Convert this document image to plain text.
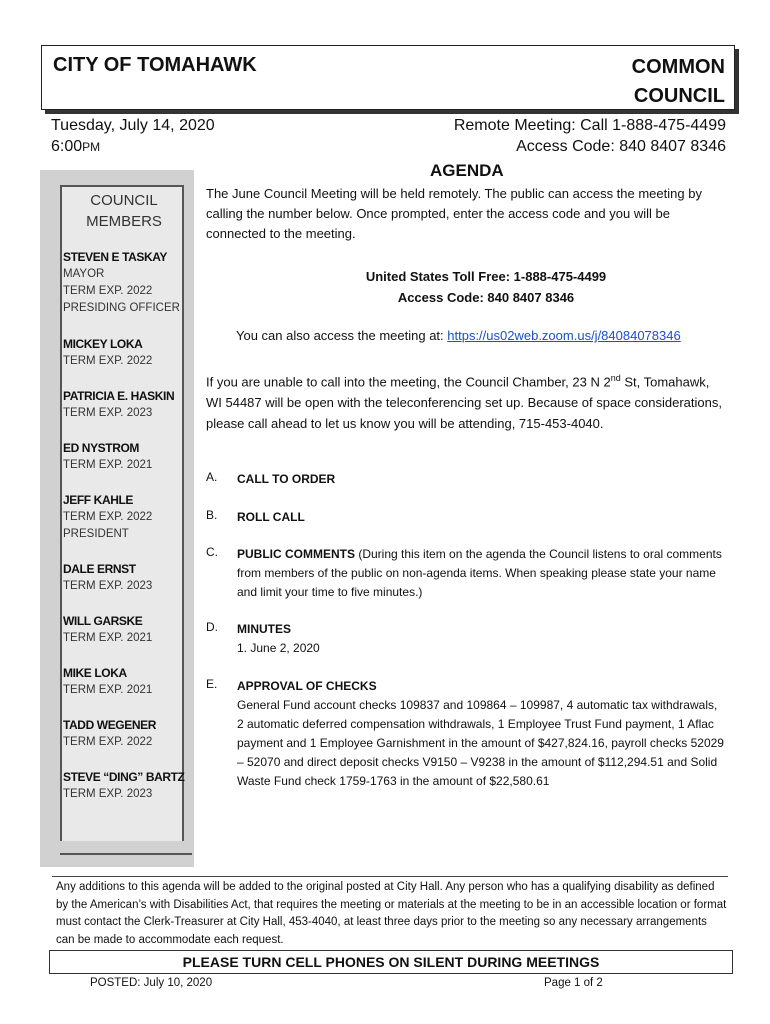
CITY OF TOMAHAWK	COMMON
COUNCIL
Tuesday, July 14, 2020
6:00PM
Remote Meeting: Call 1-888-475-4499
Access Code: 840 8407 8346
AGENDA
COUNCIL
MEMBERS
STEVEN E TASKAY
MAYOR
TERM EXP. 2022
PRESIDING OFFICER
MICKEY LOKA
TERM EXP. 2022
PATRICIA E. HASKIN
TERM EXP. 2023
ED NYSTROM
TERM EXP. 2021
JEFF KAHLE
TERM EXP. 2022
PRESIDENT
DALE ERNST
TERM EXP. 2023
WILL GARSKE
TERM EXP. 2021
MIKE LOKA
TERM EXP. 2021
TADD WEGENER
TERM EXP. 2022
STEVE “DING” BARTZ
TERM EXP. 2023
The June Council Meeting will be held remotely. The public can access the meeting by calling the number below. Once prompted, enter the access code and you will be connected to the meeting.
United States Toll Free: 1-888-475-4499
Access Code: 840 8407 8346
You can also access the meeting at: https://us02web.zoom.us/j/84084078346
If you are unable to call into the meeting, the Council Chamber, 23 N 2nd St, Tomahawk, WI 54487 will be open with the teleconferencing set up. Because of space considerations, please call ahead to let us know you will be attending, 715-453-4040.
A. CALL TO ORDER
B. ROLL CALL
C. PUBLIC COMMENTS (During this item on the agenda the Council listens to oral comments from members of the public on non-agenda items. When speaking please state your name and limit your time to five minutes.)
D. MINUTES
1. June 2, 2020
E. APPROVAL OF CHECKS
General Fund account checks 109837 and 109864 – 109987, 4 automatic tax withdrawals, 2 automatic deferred compensation withdrawals, 1 Employee Trust Fund payment, 1 Aflac payment and 1 Employee Garnishment in the amount of $427,824.16, payroll checks 52029 – 52070 and direct deposit checks V9150 – V9238 in the amount of $112,294.51 and Solid Waste Fund check 1759-1763 in the amount of $22,580.61
Any additions to this agenda will be added to the original posted at City Hall. Any person who has a qualifying disability as defined by the American’s with Disabilities Act, that requires the meeting or materials at the meeting to be in an accessible location or format must contact the Clerk-Treasurer at City Hall, 453-4040, at least three days prior to the meeting so any necessary arrangements can be made to accommodate each request.
PLEASE TURN CELL PHONES ON SILENT DURING MEETINGS
POSTED: July 10, 2020	Page 1 of 2
